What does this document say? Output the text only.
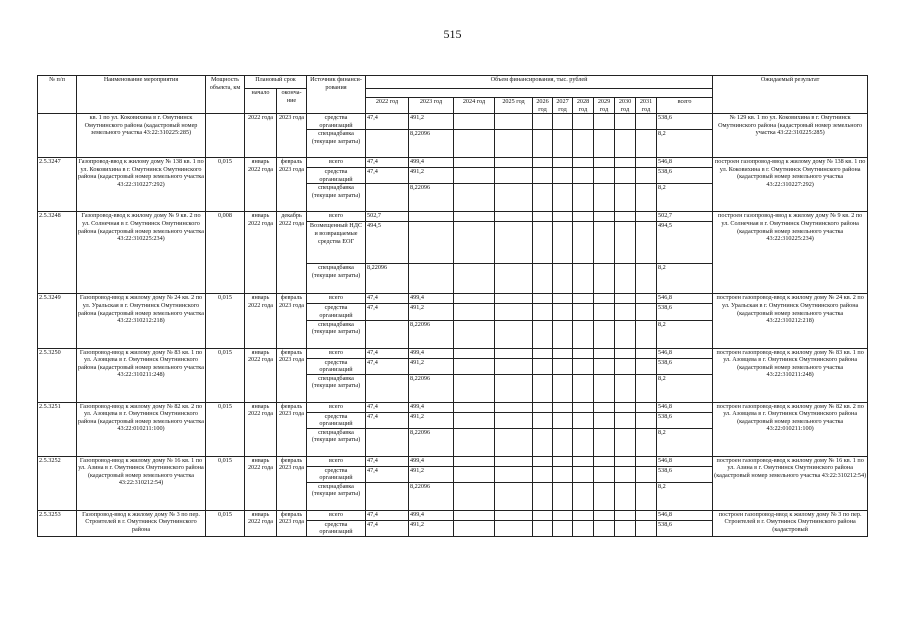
515
№ п/п	Наименование мероприятия	Мощность объекта, км	Плановый срок		Источник финанси-рования	Объем финансирования, тыс. рублей											Ожидаемый результат
			начало	оконча-ние													
						2022 год	2023 год	2024 год	2025 год	2026 год	2027 год	2028 год	2029 год	2030 год	2031 год	всего	
	кв. 1 по ул. Коковихина в г. Омутнинск Омутнинского района (кадастровый номер земельного участка 43:22:310225:285)		2022 года	2023 года	средства организаций	47,4	491,2									538,6	№ 129 кв. 1 по ул. Коковихина в г. Омутнинск Омутнинского района (кадастровый номер земельного участка 43:22:310225:285)
					спецнадбавка (текущие затраты)		8,22096									8,2	
2.5.3247	Газопровод-ввод к жилому дому № 138 кв. 1 по ул. Коковихина в г. Омутнинск Омутнинского района (кадастровый номер земельного участка 43:22:310227:292)	0,015	январь 2022 года	февраль 2023 года	всего	47,4	499,4									546,8	построен газопровод-ввод к жилому дому № 138 кв. 1 по ул. Коковихина в г. Омутнинск Омутнинского района (кадастровый номер земельного участка 43:22:310227:292)
					средства организаций	47,4	491,2									538,6	
					спецнадбавка (текущие затраты)		8,22096									8,2	
2.5.3248	Газопровод-ввод к жилому дому № 9 кв. 2 по ул. Солнечная в г. Омутнинск Омутнинского района (кадастровый номер земельного участка 43:22:310225:234)	0,008	январь 2022 года	декабрь 2022 года	всего	502,7										502,7	построен газопровод-ввод к жилому дому № 9 кв. 2 по ул. Солнечная в г. Омутнинск Омутнинского района (кадастровый номер земельного участка 43:22:310225:234)
					Возмещенный НДС и возвращаемые средства ЕОГ	494,5										494,5	
					спецнадбавка (текущие затраты)	8,22096										8,2	
2.5.3249	Газопровод-ввод к жилому дому № 24 кв. 2 по ул. Уральская в г. Омутнинск Омутнинского района (кадастровый номер земельного участка 43:22:310212:218)	0,015	январь 2022 года	февраль 2023 года	всего	47,4	499,4									546,8	построен газопровод-ввод к жилому дому № 24 кв. 2 по ул. Уральская в г. Омутнинск Омутнинского района (кадастровый номер земельного участка 43:22:310212:218)
					средства организаций	47,4	491,2									538,6	
					спецнадбавка (текущие затраты)		8,22096									8,2	
2.5.3250	Газопровод-ввод к жилому дому № 83 кв. 1 по ул. Азовцева в г. Омутнинск Омутнинского района (кадастровый номер земельного участка 43:22:310211:248)	0,015	январь 2022 года	февраль 2023 года	всего	47,4	499,4									546,8	построен газопровод-ввод к жилому дому № 83 кв. 1 по ул. Азовцева в г. Омутнинск Омутнинского района (кадастровый номер земельного участка 43:22:310211:248)
					средства организаций	47,4	491,2									538,6	
					спецнадбавка (текущие затраты)		8,22096									8,2	
2.5.3251	Газопровод-ввод к жилому дому № 82 кв. 2 по ул. Азовцева в г. Омутнинск Омутнинского района (кадастровый номер земельного участка 43:22:010211:100)	0,015	январь 2022 года	февраль 2023 года	всего	47,4	499,4									546,8	построен газопровод-ввод к жилому дому № 82 кв. 2 по ул. Азовцева в г. Омутнинск Омутнинского района (кадастровый номер земельного участка 43:22:010211:100)
					средства организаций	47,4	491,2									538,6	
					спецнадбавка (текущие затраты)		8,22096									8,2	
2.5.3252	Газопровод-ввод к жилому дому № 16 кв. 1 по ул. Азина в г. Омутнинск Омутнинского района (кадастровый номер земельного участка 43:22:310212:54)	0,015	январь 2022 года	февраль 2023 года	всего	47,4	499,4									546,8	построен газопровод-ввод к жилому дому № 16 кв. 1 по ул. Азина в г. Омутнинск Омутнинского района (кадастровый номер земельного участка 43:22:310212:54)
					средства организаций	47,4	491,2									538,6	
					спецнадбавка (текущие затраты)		8,22096									8,2	
2.5.3253	Газопровод-ввод к жилому дому № 3 по пер. Строителей в г. Омутнинск Омутнинского района	0,015	январь 2022 года	февраль 2023 года	всего	47,4	499,4									546,8	построен газопровод-ввод к жилому дому № 3 по пер. Строителей в г. Омутнинск Омутнинского района (кадастровый
					средства организаций	47,4	491,2									538,6	
